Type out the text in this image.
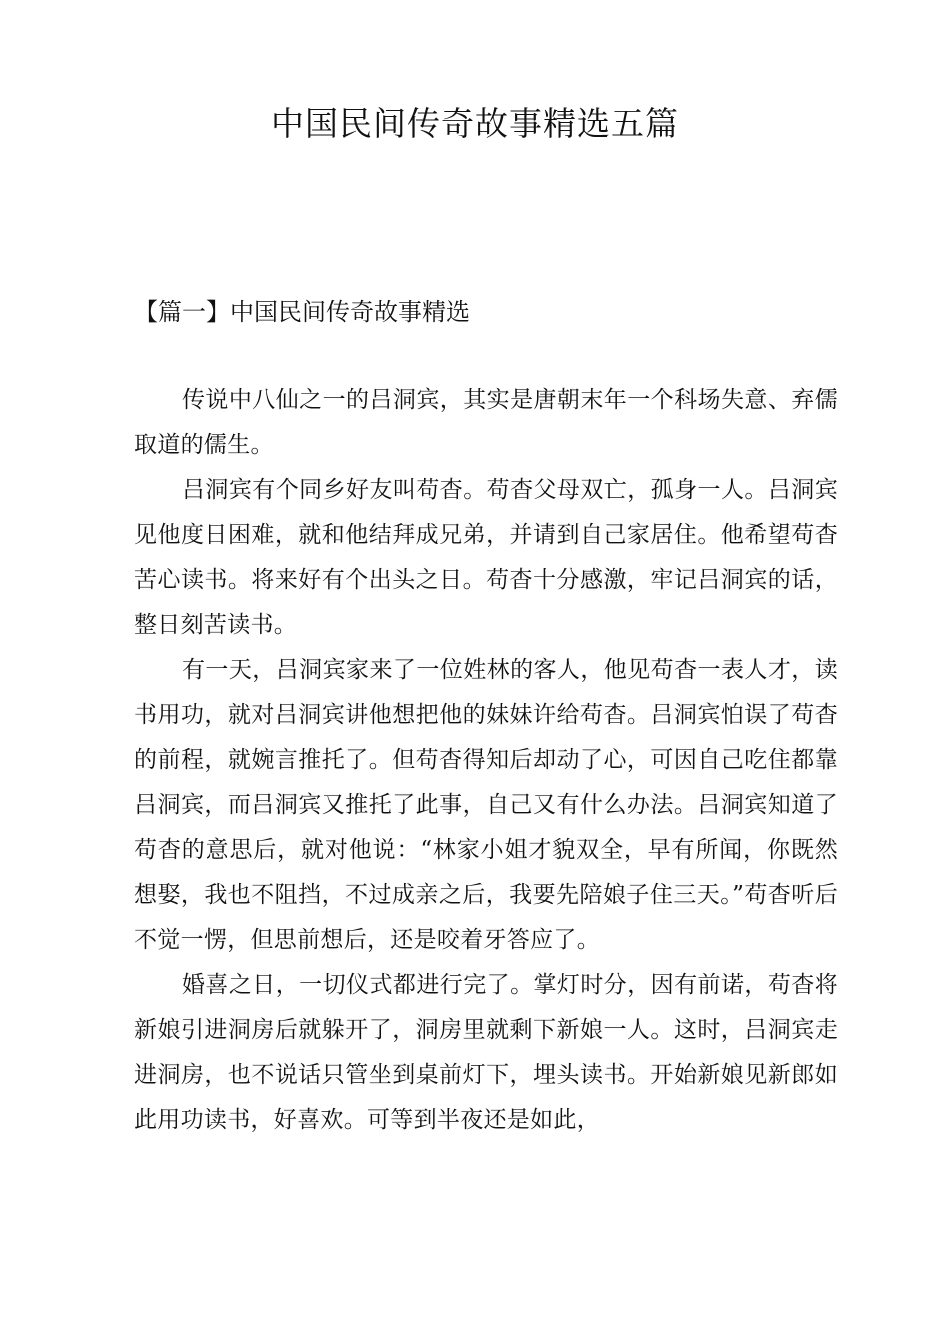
中国民间传奇故事精选五篇
【篇一】中国民间传奇故事精选

传说中八仙之一的吕洞宾，其实是唐朝末年一个科场失意、弃儒取道的儒生。

吕洞宾有个同乡好友叫苟杳。苟杳父母双亡，孤身一人。吕洞宾见他度日困难，就和他结拜成兄弟，并请到自己家居住。他希望苟杳苦心读书。将来好有个出头之日。苟杳十分感激，牢记吕洞宾的话，整日刻苦读书。

有一天，吕洞宾家来了一位姓林的客人，他见苟杳一表人才，读书用功，就对吕洞宾讲他想把他的妹妹许给苟杳。吕洞宾怕误了苟杳的前程，就婉言推托了。但苟杳得知后却动了心，可因自己吃住都靠吕洞宾，而吕洞宾又推托了此事，自己又有什么办法。吕洞宾知道了苟杳的意思后，就对他说：“林家小姐才貌双全，早有所闻，你既然想娶，我也不阻挡，不过成亲之后，我要先陪娘子住三天。”苟杳听后不觉一愣，但思前想后，还是咬着牙答应了。

婚喜之日，一切仪式都进行完了。掌灯时分，因有前诺，苟杳将新娘引进洞房后就躲开了，洞房里就剩下新娘一人。这时，吕洞宾走进洞房，也不说话只管坐到桌前灯下，埋头读书。开始新娘见新郎如此用功读书，好喜欢。可等到半夜还是如此，
